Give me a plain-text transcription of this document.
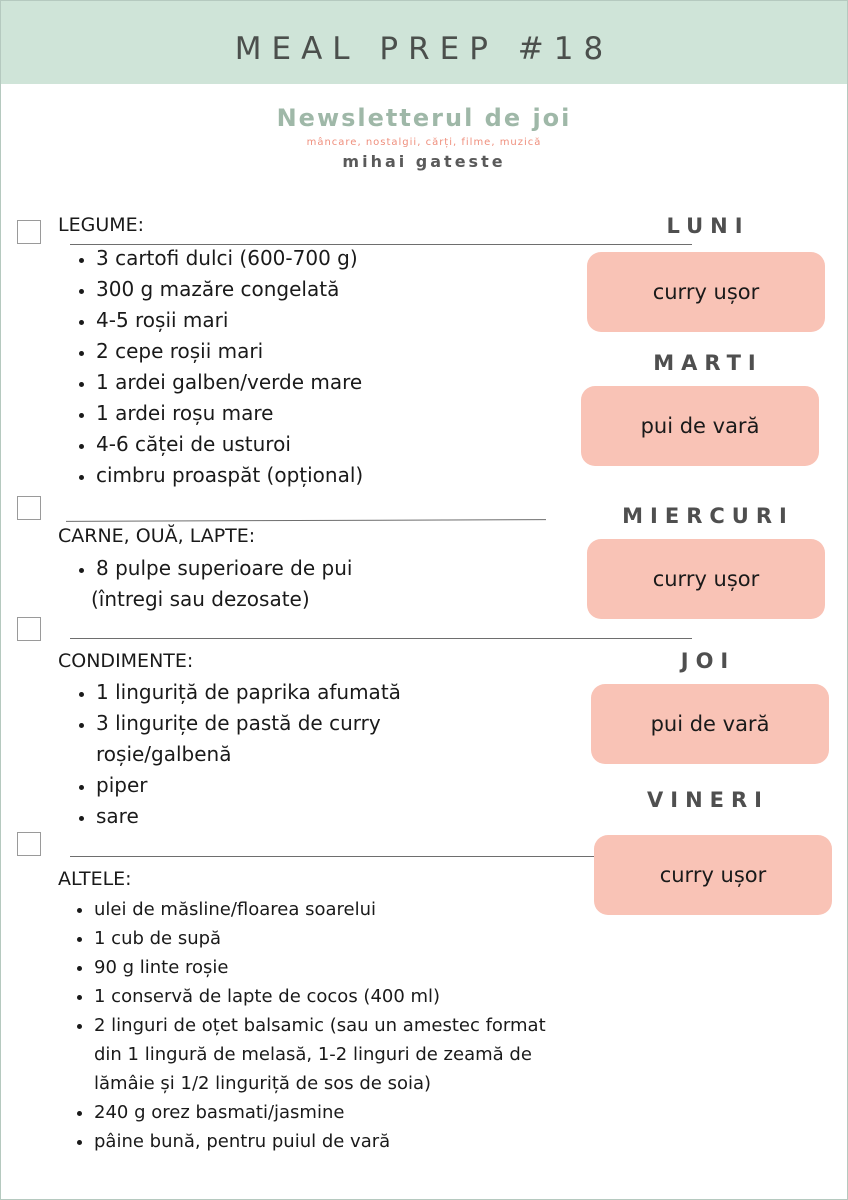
MEAL PREP #18
Newsletterul de joi
mâncare, nostalgii, cărți, filme, muzică
mihai gateste
LEGUME:
• 3 cartofi dulci (600-700 g)
• 300 g mazăre congelată
• 4-5 roșii mari
• 2 cepe roșii mari
• 1 ardei galben/verde mare
• 1 ardei roșu mare
• 4-6 căței de usturoi
• cimbru proaspăt (opțional)
CARNE, OUĂ, LAPTE:
• 8 pulpe superioare de pui
(întregi sau dezosate)
CONDIMENTE:
• 1 linguriță de paprika afumată
• 3 lingurițe de pastă de curry roșie/galbenă
• piper
• sare
ALTELE:
• ulei de măsline/floarea soarelui
• 1 cub de supă
• 90 g linte roșie
• 1 conservă de lapte de cocos (400 ml)
• 2 linguri de oțet balsamic (sau un amestec format din 1 lingură de melasă, 1-2 linguri de zeamă de lămâie și 1/2 linguriță de sos de soia)
• 240 g orez basmati/jasmine
• pâine bună, pentru puiul de vară
LUNI
curry ușor
MARTI
pui de vară
MIERCURI
curry ușor
JOI
pui de vară
VINERI
curry ușor
